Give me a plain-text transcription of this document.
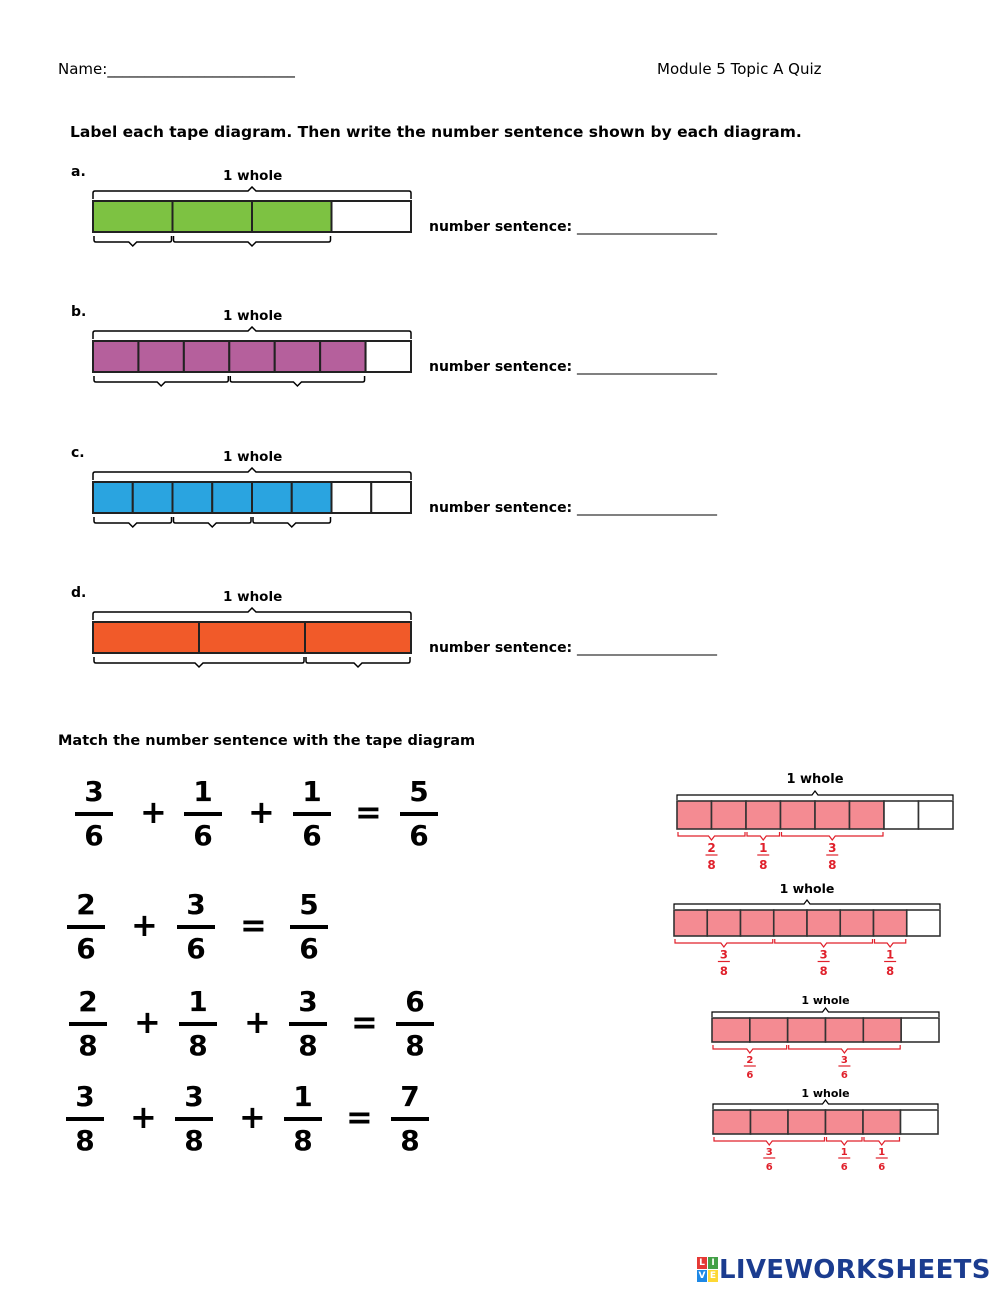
Name:_________________________	Module 5 Topic A Quiz
Label each tape diagram. Then write the number sentence shown by each diagram.
a.	1 whole
number sentence: ____________________
b.	1 whole
number sentence: ____________________
c.	1 whole
number sentence: ____________________
d.	1 whole
number sentence: ____________________
Match the number sentence with the tape diagram
3
6
+
1
6
+
1
6
=
5
6
2
6
+
3
6
=
5
6
2
8
+
1
8
+
3
8
=
6
8
3
8
+
3
8
+
1
8
=
7
8
1 whole
2
8
1
8
3
8
1 whole
3
8
3
8
1
8
1 whole
2
6
3
6
1 whole
3
6
1
6
1
6
L I
V E LIVEWORKSHEETS
